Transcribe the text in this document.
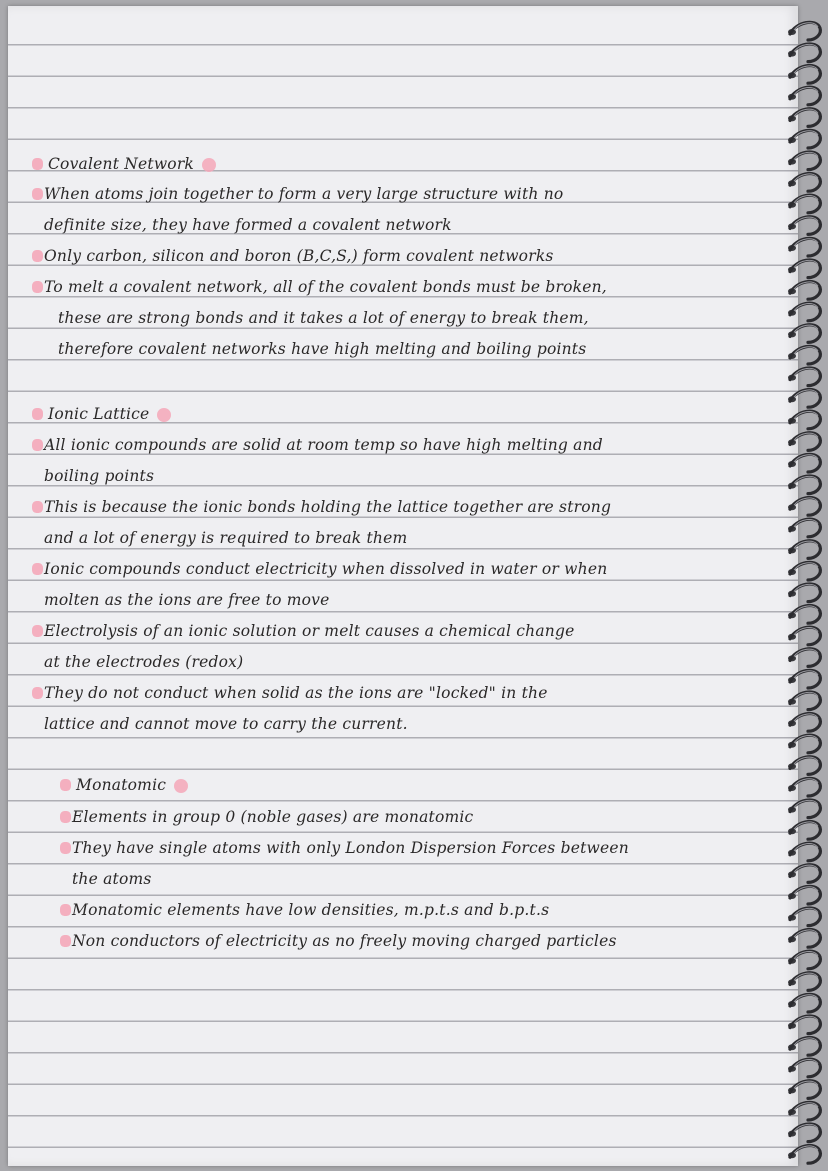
Covalent Network
When atoms join together to form a very large structure with no
definite size, they have formed a covalent network
Only carbon, silicon and boron (B,C,S,) form covalent networks
To melt a covalent network, all of the covalent bonds must be broken,
these are strong bonds and it takes a lot of energy to break them,
therefore covalent networks have high melting and boiling points
Ionic Lattice
All ionic compounds are solid at room temp so have high melting and
boiling points
This is because the ionic bonds holding the lattice together are strong
and a lot of energy is required to break them
Ionic compounds conduct electricity when dissolved in water or when
molten as the ions are free to move
Electrolysis of an ionic solution or melt causes a chemical change
at the electrodes (redox)
They do not conduct when solid as the ions are "locked" in the
lattice and cannot move to carry the current.
Monatomic
Elements in group 0 (noble gases) are monatomic
They have single atoms with only London Dispersion Forces between
the atoms
Monatomic elements have low densities, m.p.t.s and b.p.t.s
Non conductors of electricity as no freely moving charged particles
